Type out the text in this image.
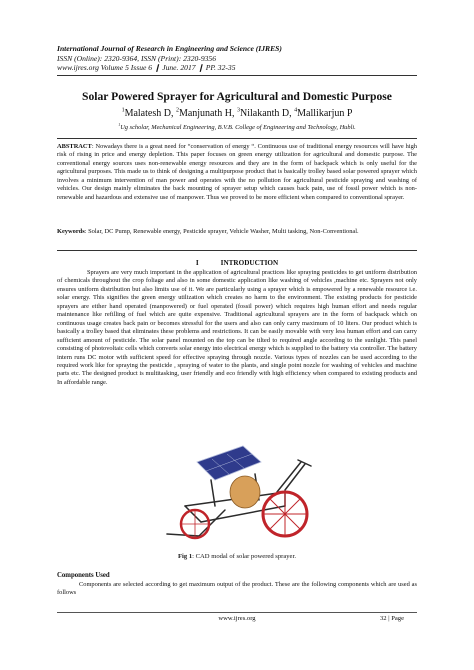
International Journal of Research in Engineering and Science (IJRES)
ISSN (Online): 2320-9364, ISSN (Print): 2320-9356
www.ijres.org Volume 5 Issue 6 ❙ June. 2017 ❙ PP. 32-35
Solar Powered Sprayer for Agricultural and Domestic Purpose
$^1$Malatesh D, $^2$Manjunath H, $^3$Nilakanth D, $^4$Mallikarjun P
$^1$Ug scholar, Mechanical Engineering, B.V.B. College of Engineering and Technology, Hubli.

ABSTRACT: Nowadays there is a great need for “conservation of energy “. Continuous use of traditional energy resources will have high risk of rising in price and energy depletion. This paper focuses on green energy utilization for agricultural and domestic purpose. The conventional energy sources uses non-renewable energy resources and they are in the form of backpack which is only useful for the agricultural purposes. This made us to think of designing a multipurpose product that is basically trolley based solar powered sprayer which involves a minimum intervention of man power and operates with the no pollution for agricultural pesticide spraying and washing of vehicles. Our design mainly eliminates the back mounting of sprayer setup which causes back pain, use of fossil power which is non-renewable and hazardous and extensive use of manpower. Thus we proved to be more efficient when compared to conventional sprayer.

Keywords: Solar, DC Pump, Renewable energy, Pesticide sprayer, Vehicle Washer, Multi tasking, Non-Conventional.

I	INTRODUCTION

Sprayers are very much important in the application of agricultural practices like spraying pesticides to get uniform distribution of chemicals throughout the crop foliage and also in some domestic application like washing of vehicles ,machine etc. Sprayers not only ensures uniform distribution but also limits use of it. We are particularly using a sprayer which is empowered by a renewable resource i.e. solar energy. This signifies the green energy utilization which creates no harm to the environment. The existing products for pesticide sprayers are either hand operated (manpowered) or fuel operated (fossil power) which requires high human effort and needs regular maintenance like refilling of fuel which are quite expensive. Traditional agricultural sprayers are in the form of backpack which on continuous usage creates back pain or becomes stressful for the users and also can only carry maximum of 10 liters. Our product which is basically a trolley based that eliminates these problems and restrictions. It can be easily movable with very less human effort and can carry sufficient amount of pesticide. The solar panel mounted on the top can be tilted to required angle according to the sunlight. This panel consisting of photovoltaic cells which converts solar energy into electrical energy which is supplied to the battery via controller. The battery intern runs DC motor with sufficient speed for effective spraying through nozzle. Various types of nozzles can be used according to the required work like for spraying the pesticide , spraying of water to the plants, and single point nozzle for washing of vehicles and machine parts etc. The designed product is multitasking, user friendly and eco friendly with high efficiency when compared to existing products and In affordable range.

Fig 1: CAD modal of solar powered sprayer.
Components Used

Components are selected according to get maximum output of the product. These are the following components which are used as follows

www.ijres.org	32 | Page
